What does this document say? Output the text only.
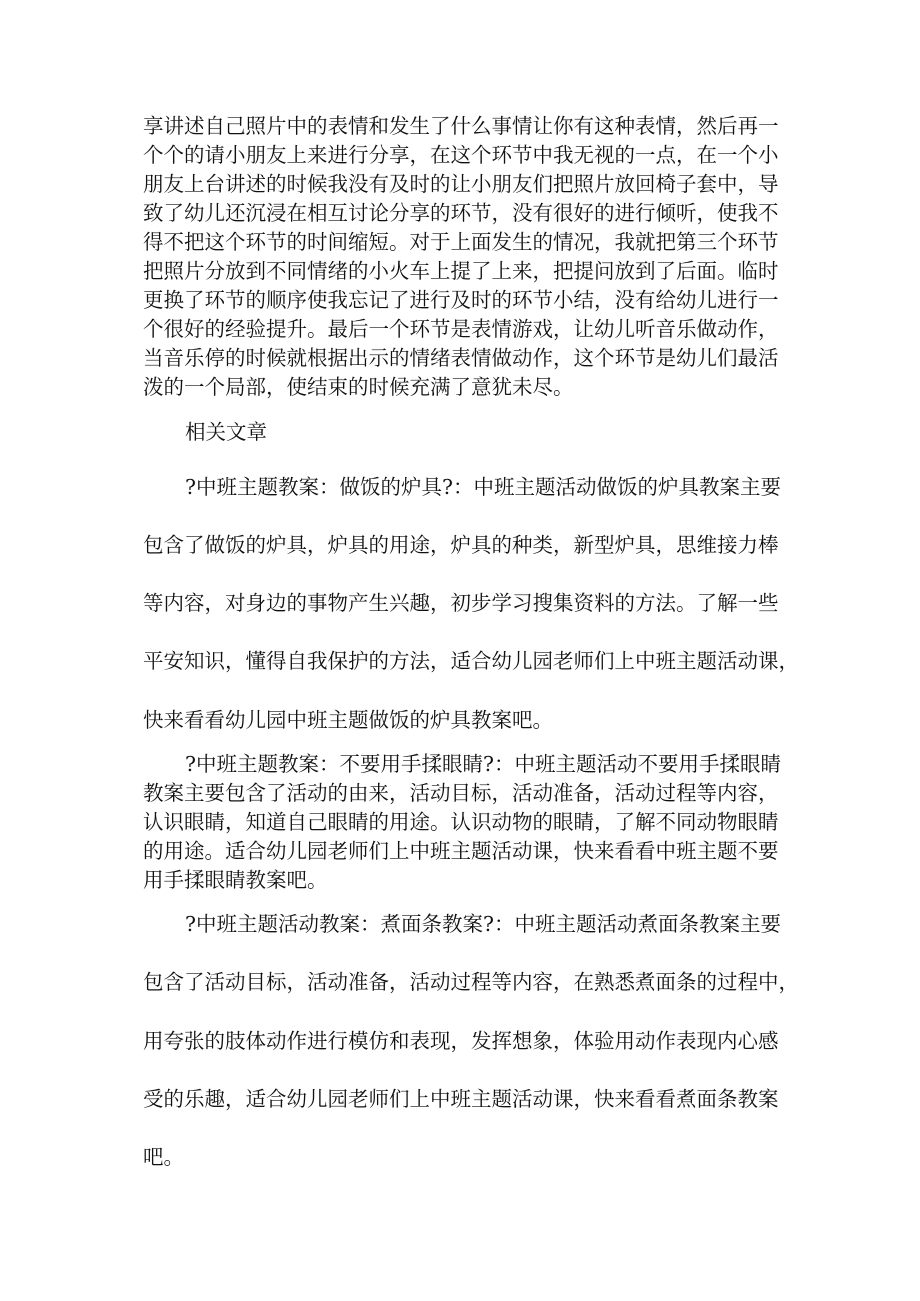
享讲述自己照片中的表情和发生了什么事情让你有这种表情，然后再一

个个的请小朋友上来进行分享，在这个环节中我无视的一点，在一个小

朋友上台讲述的时候我没有及时的让小朋友们把照片放回椅子套中，导

致了幼儿还沉浸在相互讨论分享的环节，没有很好的进行倾听，使我不

得不把这个环节的时间缩短。对于上面发生的情况，我就把第三个环节

把照片分放到不同情绪的小火车上提了上来，把提问放到了后面。临时

更换了环节的顺序使我忘记了进行及时的环节小结，没有给幼儿进行一

个很好的经验提升。最后一个环节是表情游戏，让幼儿听音乐做动作，

当音乐停的时候就根据出示的情绪表情做动作，这个环节是幼儿们最活

泼的一个局部，使结束的时候充满了意犹未尽。

相关文章

?中班主题教案：做饭的炉具?：中班主题活动做饭的炉具教案主要

包含了做饭的炉具，炉具的用途，炉具的种类，新型炉具，思维接力棒

等内容，对身边的事物产生兴趣，初步学习搜集资料的方法。了解一些

平安知识，懂得自我保护的方法，适合幼儿园老师们上中班主题活动课，

快来看看幼儿园中班主题做饭的炉具教案吧。

?中班主题教案：不要用手揉眼睛?：中班主题活动不要用手揉眼睛

教案主要包含了活动的由来，活动目标，活动准备，活动过程等内容，

认识眼睛，知道自己眼睛的用途。认识动物的眼睛，了解不同动物眼睛

的用途。适合幼儿园老师们上中班主题活动课，快来看看中班主题不要

用手揉眼睛教案吧。

?中班主题活动教案：煮面条教案?：中班主题活动煮面条教案主要

包含了活动目标，活动准备，活动过程等内容，在熟悉煮面条的过程中，

用夸张的肢体动作进行模仿和表现，发挥想象，体验用动作表现内心感

受的乐趣，适合幼儿园老师们上中班主题活动课，快来看看煮面条教案

吧。
